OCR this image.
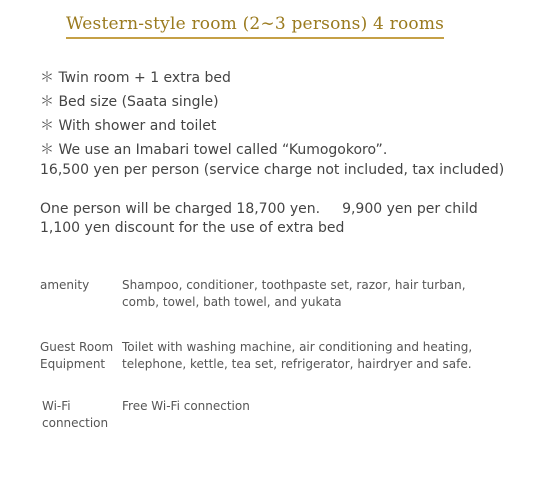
Western-style room (2∼3 persons) 4 rooms
＊ Twin room + 1 extra bed
＊ Bed size (Saata single)
＊ With shower and toilet
＊ We use an Imabari towel called “Kumogokoro”.
16,500 yen per person (service charge not included, tax included)
One person will be charged 18,700 yen. 9,900 yen per child
1,100 yen discount for the use of extra bed
amenity	Shampoo, conditioner, toothpaste set, razor, hair turban, comb, towel, bath towel, and yukata
Guest Room
Equipment
Toilet with washing machine, air conditioning and heating, telephone, kettle, tea set, refrigerator, hairdryer and safe.
Wi-Fi
connection
Free Wi-Fi connection
